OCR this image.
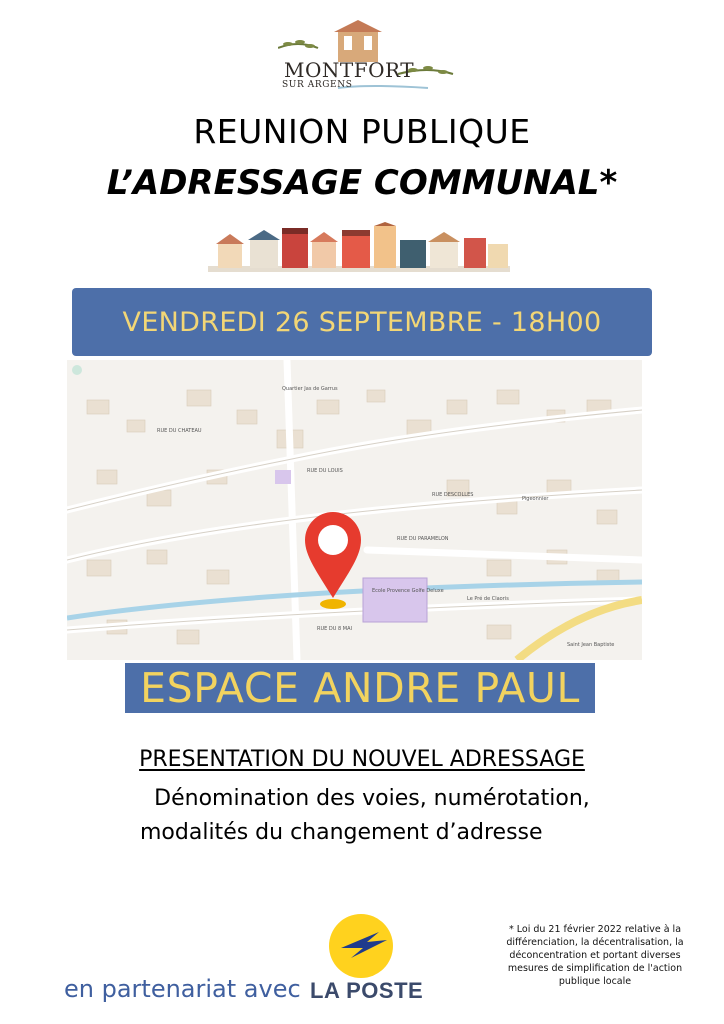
MONTFORT
SUR ARGENS
REUNION PUBLIQUE
L’ADRESSAGE COMMUNAL*
VENDREDI 26 SEPTEMBRE - 18H00
Quartier Jas de Garrus
RUE DU CHATEAU
RUE DU LOUIS
RUE DESCOLLES
RUE DU PARAMELON
RUE DU 8 MAI
Le Pré de Claoris
Saint Jean Baptiste
Pigeonnier
Ecole Provence Golfe Deluxe
ESPACE ANDRE PAUL
PRESENTATION DU NOUVEL ADRESSAGE
Dénomination des voies, numérotation,
modalités du changement d’adresse
en partenariat avec LA POSTE
* Loi du 21 février 2022 relative à la différenciation, la décentralisation, la déconcentration et portant diverses mesures de simplification de l'action publique locale
